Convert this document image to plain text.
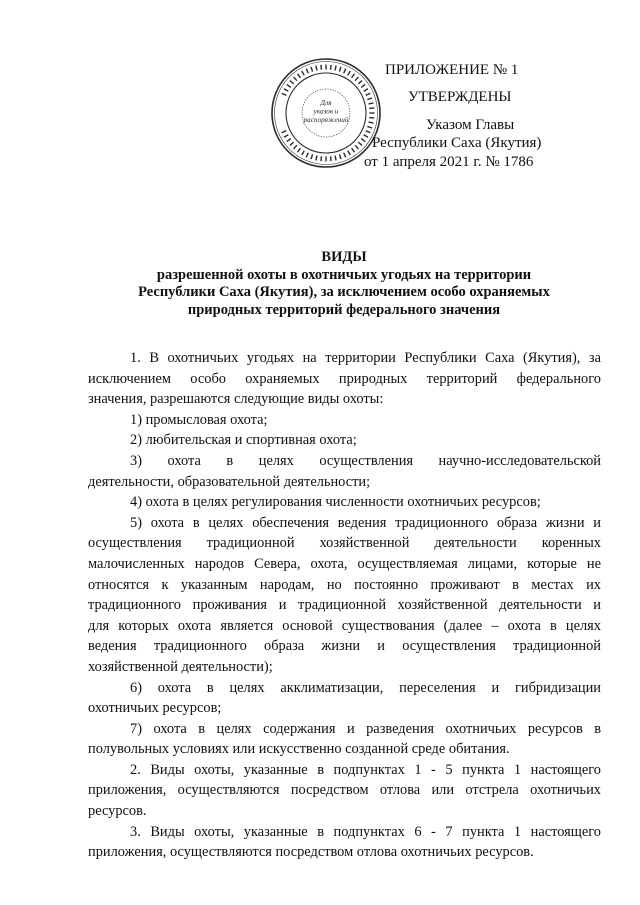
Для
указов и
распоряжений
ПРИЛОЖЕНИЕ № 1
УТВЕРЖДЕНЫ
Указом Главы
Республики Саха (Якутия)
от 1 апреля 2021 г. № 1786
ВИДЫ
разрешенной охоты в охотничьих угодьях на территории
Республики Саха (Якутия), за исключением особо охраняемых
природных территорий федерального значения
1. В охотничьих угодьях на территории Республики Саха (Якутия), за
исключением особо охраняемых природных территорий федерального
значения, разрешаются следующие виды охоты:
1) промысловая охота;
2) любительская и спортивная охота;
3) охота в целях осуществления научно-исследовательской
деятельности, образовательной деятельности;
4) охота в целях регулирования численности охотничьих ресурсов;
5) охота в целях обеспечения ведения традиционного образа жизни и
осуществления традиционной хозяйственной деятельности коренных
малочисленных народов Севера, охота, осуществляемая лицами, которые не
относятся к указанным народам, но постоянно проживают в местах их
традиционного проживания и традиционной хозяйственной деятельности и
для которых охота является основой существования (далее – охота в целях
ведения традиционного образа жизни и осуществления традиционной
хозяйственной деятельности);
6) охота в целях акклиматизации, переселения и гибридизации
охотничьих ресурсов;
7) охота в целях содержания и разведения охотничьих ресурсов в
полувольных условиях или искусственно созданной среде обитания.
2. Виды охоты, указанные в подпунктах 1 - 5 пункта 1 настоящего
приложения, осуществляются посредством отлова или отстрела охотничьих
ресурсов.
3. Виды охоты, указанные в подпунктах 6 - 7 пункта 1 настоящего
приложения, осуществляются посредством отлова охотничьих ресурсов.
